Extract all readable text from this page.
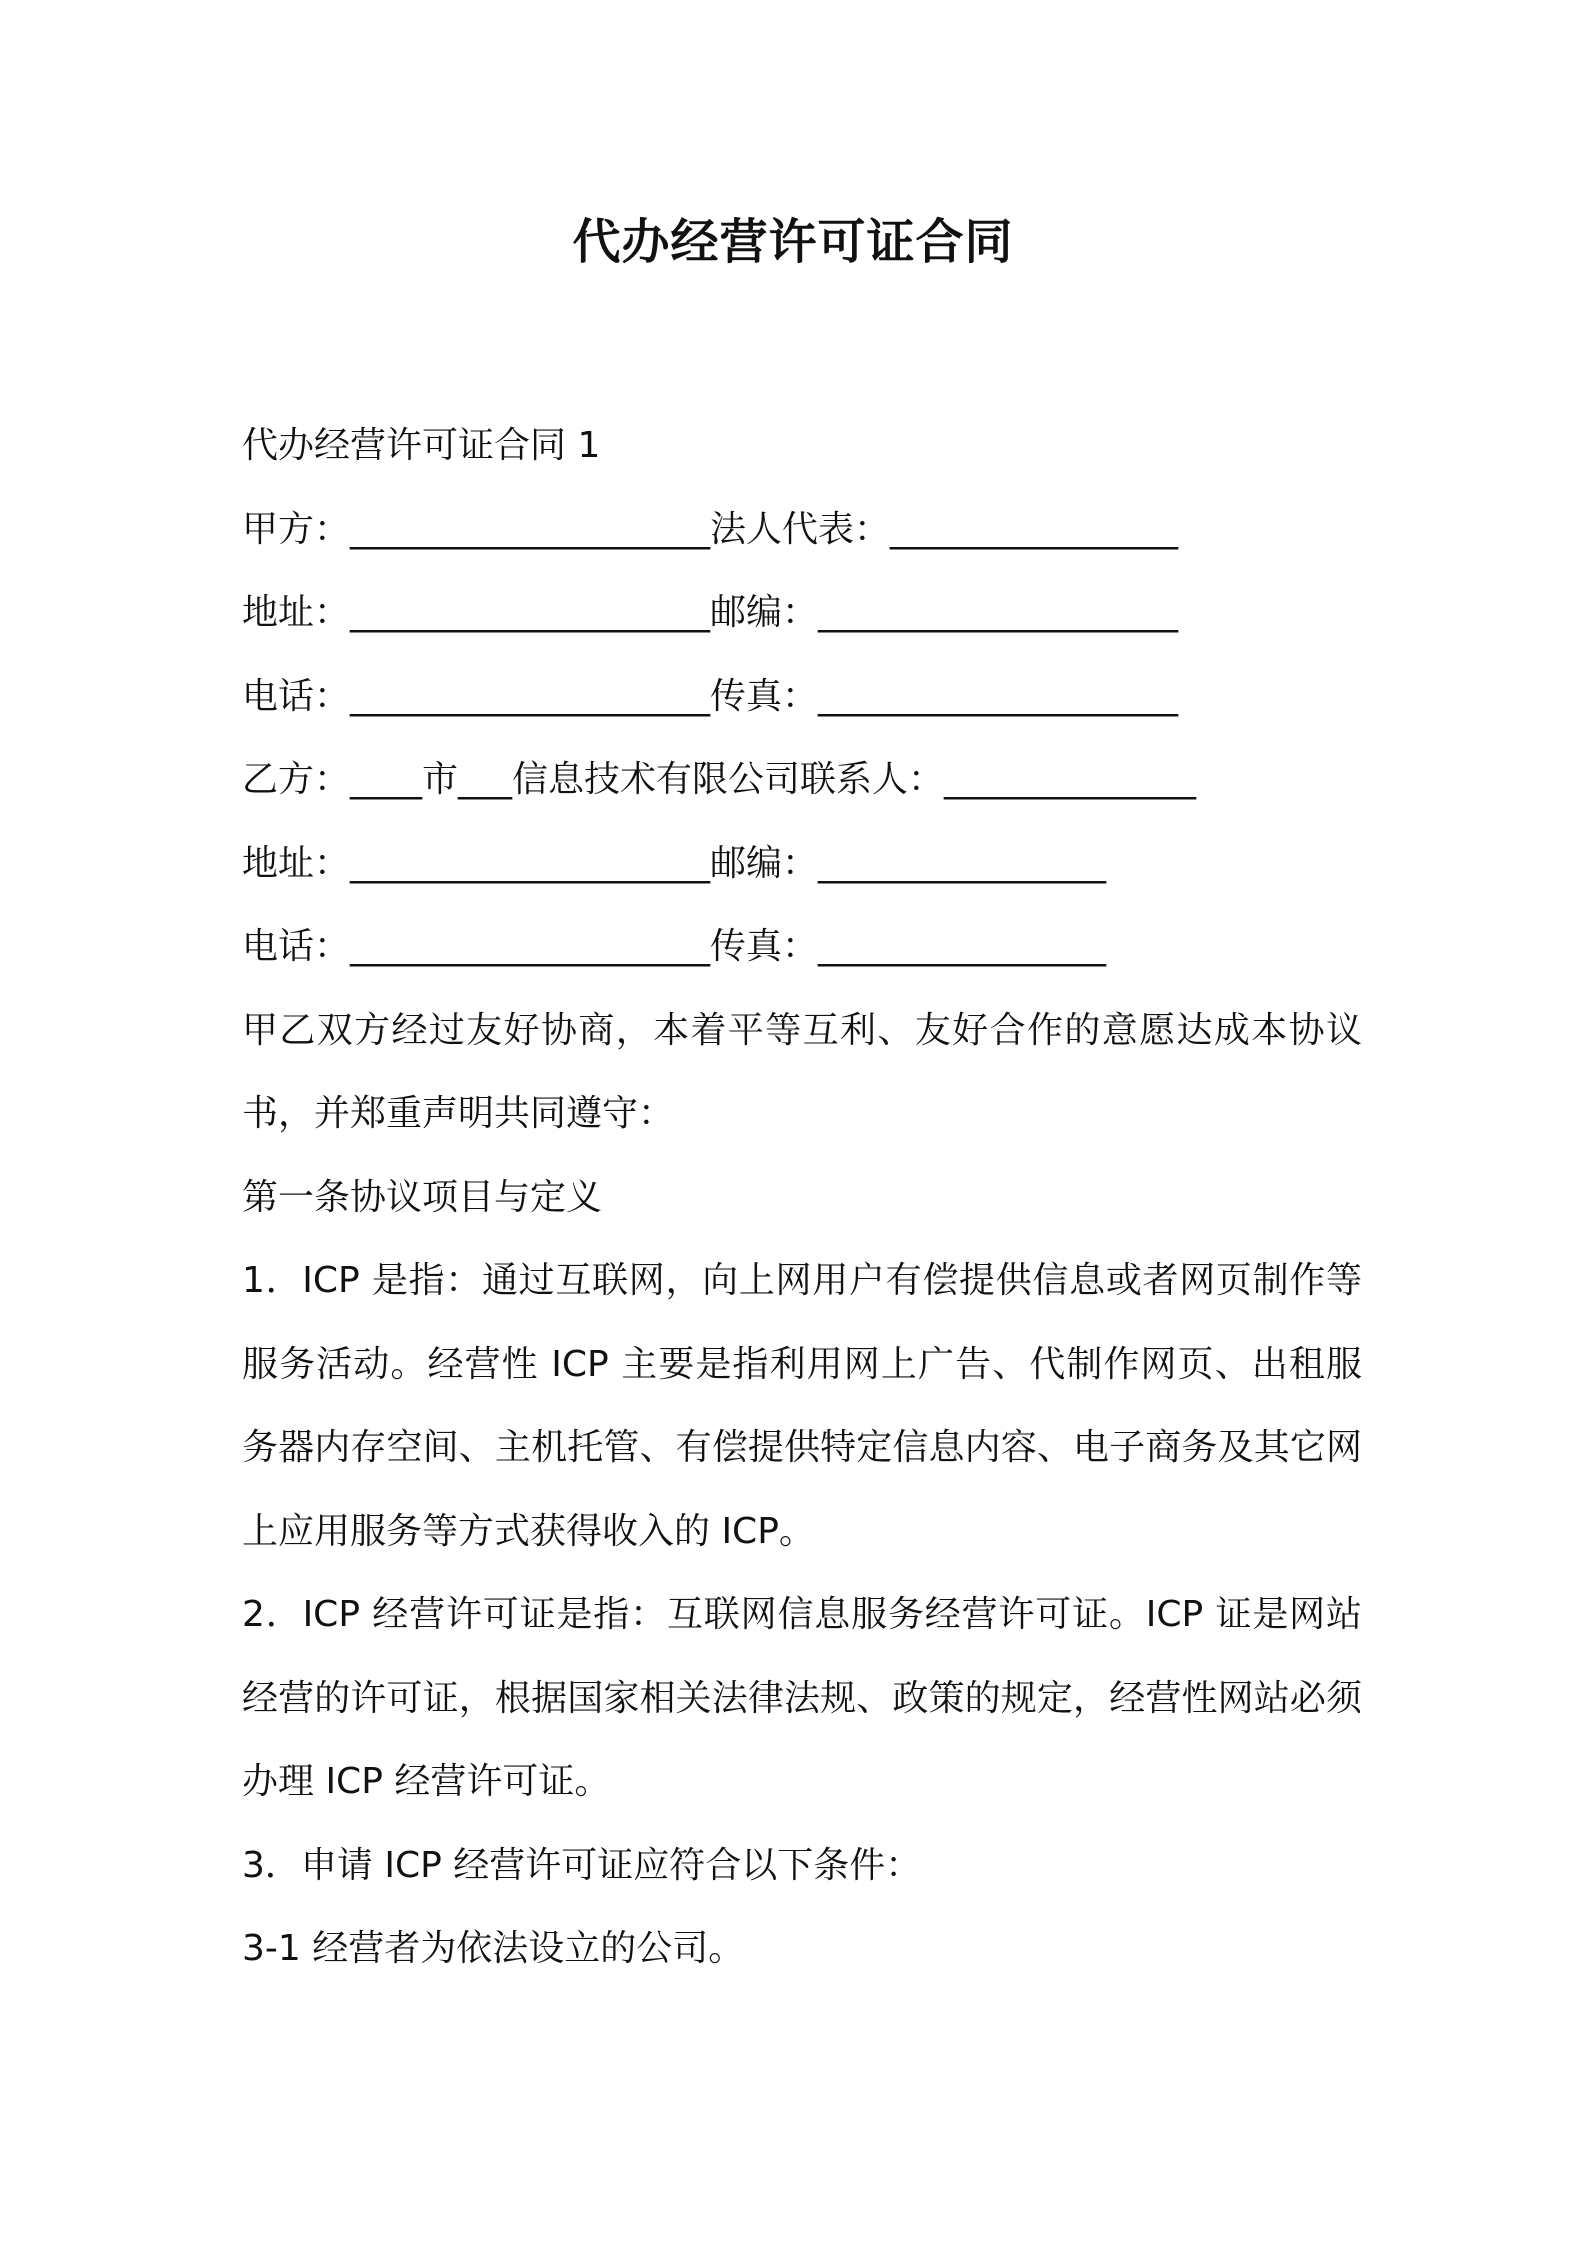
代办经营许可证合同
代办经营许可证合同 1
甲方：____________________法人代表：________________
地址：____________________邮编：____________________
电话：____________________传真：____________________
乙方：____市___信息技术有限公司联系人：______________
地址：____________________邮编：________________
电话：____________________传真：________________
甲乙双方经过友好协商，本着平等互利、友好合作的意愿达成本协议书，并郑重声明共同遵守：
第一条协议项目与定义
1．ICP 是指：通过互联网，向上网用户有偿提供信息或者网页制作等服务活动。经营性 ICP 主要是指利用网上广告、代制作网页、出租服务器内存空间、主机托管、有偿提供特定信息内容、电子商务及其它网上应用服务等方式获得收入的 ICP。
2．ICP 经营许可证是指：互联网信息服务经营许可证。ICP 证是网站经营的许可证，根据国家相关法律法规、政策的规定，经营性网站必须办理 ICP 经营许可证。
3．申请 ICP 经营许可证应符合以下条件：
3-1 经营者为依法设立的公司。
